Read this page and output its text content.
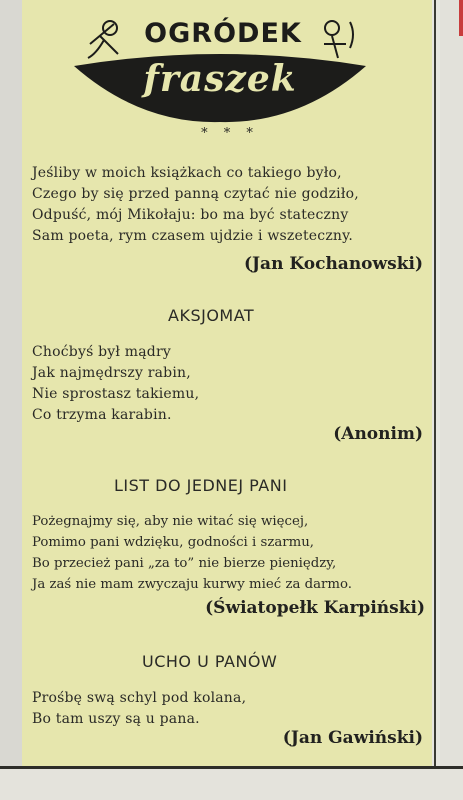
OGRÓDEK
fraszek
* * *
Jeśliby w moich książkach co takiego było,
Czego by się przed panną czytać nie godziło,
Odpuść, mój Mikołaju: bo ma być stateczny
Sam poeta, rym czasem ujdzie i wszeteczny.
(Jan Kochanowski)
AKSJOMAT
Choćbyś był mądry
Jak najmędrszy rabin,
Nie sprostasz takiemu,
Co trzyma karabin.
(Anonim)
LIST DO JEDNEJ PANI
Pożegnajmy się, aby nie witać się więcej,
Pomimo pani wdzięku, godności i szarmu,
Bo przecież pani „za to” nie bierze pieniędzy,
Ja zaś nie mam zwyczaju kurwy mieć za darmo.
(Światopełk Karpiński)
UCHO U PANÓW
Prośbę swą schyl pod kolana,
Bo tam uszy są u pana.
(Jan Gawiński)
